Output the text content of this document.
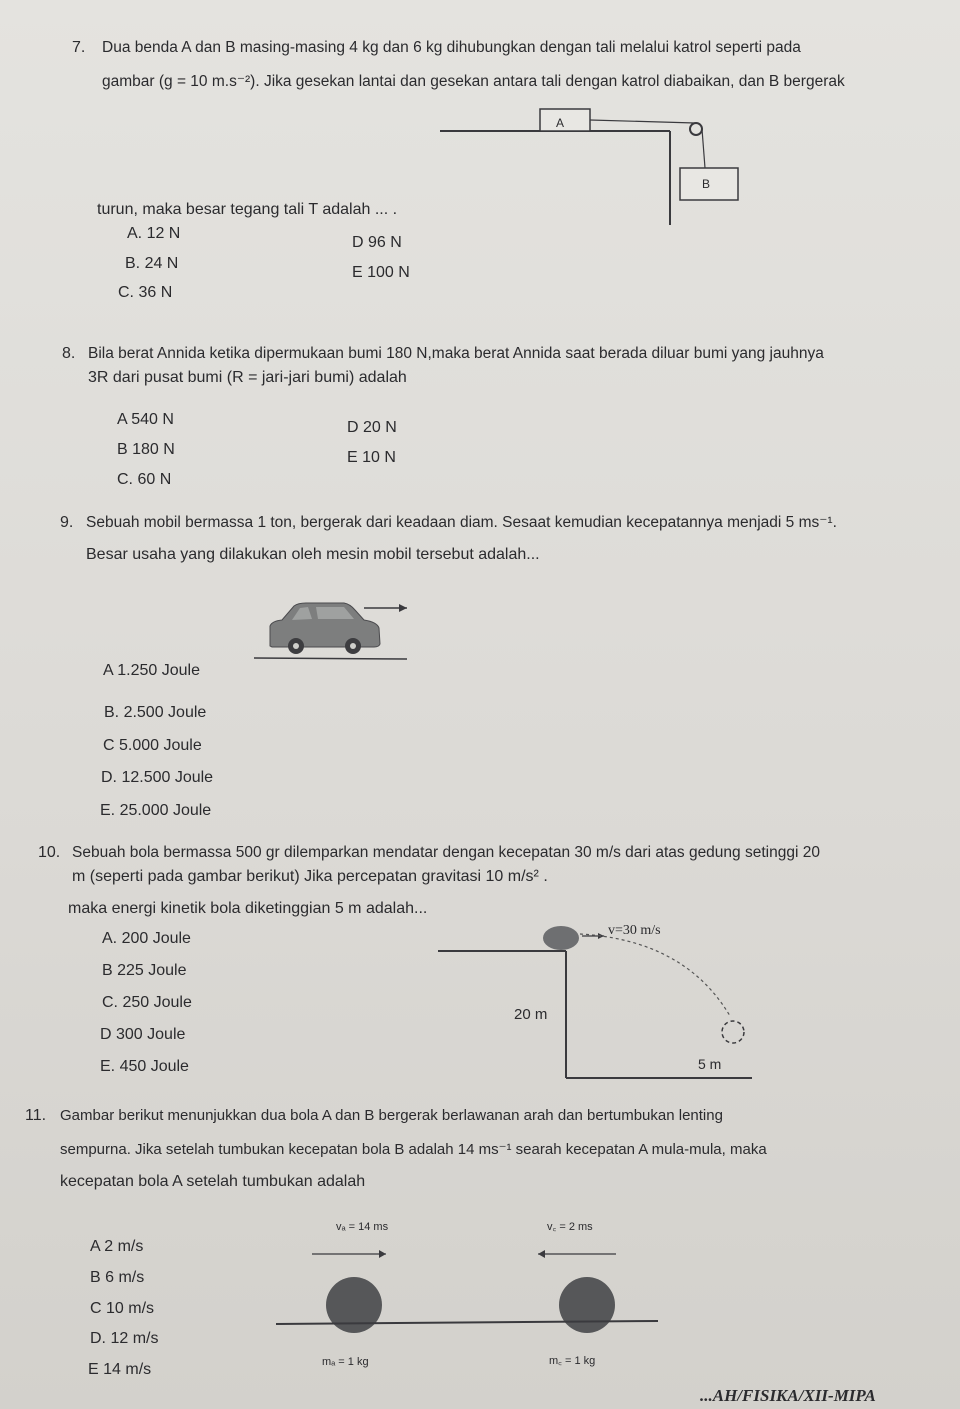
7. Dua benda A dan B masing-masing 4 kg dan 6 kg dihubungkan dengan tali melalui katrol seperti pada
gambar (g = 10 m.s⁻²). Jika gesekan lantai dan gesekan antara tali dengan katrol diabaikan, dan B bergerak
turun, maka besar tegang tali T adalah ... .
A
B
A. 12 N
B. 24 N
C. 36 N
D 96 N
E 100 N
8. Bila berat Annida ketika dipermukaan bumi 180 N,maka berat Annida saat berada diluar bumi yang jauhnya
3R dari pusat bumi (R = jari-jari bumi) adalah
A 540 N
B 180 N
C. 60 N
D 20 N
E 10 N
9. Sebuah mobil bermassa 1 ton, bergerak dari keadaan diam. Sesaat kemudian kecepatannya menjadi 5 ms⁻¹.
Besar usaha yang dilakukan oleh mesin mobil tersebut adalah...
A 1.250 Joule
B. 2.500 Joule
C 5.000 Joule
D. 12.500 Joule
E. 25.000 Joule
10. Sebuah bola bermassa 500 gr dilemparkan mendatar dengan kecepatan 30 m/s dari atas gedung setinggi 20
m (seperti pada gambar berikut) Jika percepatan gravitasi 10 m/s² .
maka energi kinetik bola diketinggian 5 m adalah...
v=30 m/s
20 m
5 m
A. 200 Joule
B 225 Joule
C. 250 Joule
D 300 Joule
E. 450 Joule
11. Gambar berikut menunjukkan dua bola A dan B bergerak berlawanan arah dan bertumbukan lenting
sempurna. Jika setelah tumbukan kecepatan bola B adalah 14 ms⁻¹ searah kecepatan A mula-mula, maka
kecepatan bola A setelah tumbukan adalah
vₐ = 14 ms	v꜀ = 2 ms
mₐ = 1 kg	m꜀ = 1 kg
A 2 m/s
B 6 m/s
C 10 m/s
D. 12 m/s
E 14 m/s
...AH/FISIKA/XII-MIPA
